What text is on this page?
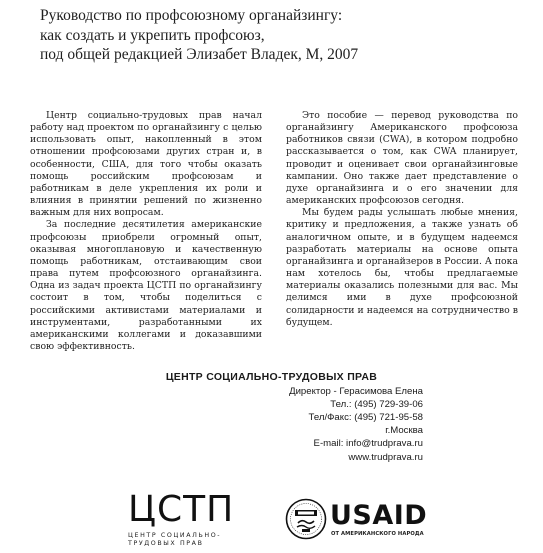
Руководство по профсоюзному органайзингу:
как создать и укрепить профсоюз,
под общей редакцией Элизабет Владек, М, 2007

Центр социально-трудовых прав начал работу над проектом по органайзингу с целью использовать опыт, накопленный в этом отношении профсоюзами других стран и, в особенности, США, для того чтобы оказать помощь российским профсоюзам и работникам в деле укрепления их роли и влияния в принятии решений по жизненно важным для них вопросам.

За последние десятилетия американские профсоюзы приобрели огромный опыт, оказывая многоплановую и качественную помощь работникам, отстаивающим свои права путем профсоюзного органайзинга. Одна из задач проекта ЦСТП по органайзингу состоит в том, чтобы поделиться с российскими активистами материалами и инструментами, разработанными их американскими коллегами и доказавшими свою эффективность.

Это пособие — перевод руководства по органайзингу Американского профсоюза работников связи (CWA), в котором подробно рассказывается о том, как CWA планирует, проводит и оценивает свои органайзинговые кампании. Оно также дает представление о духе органайзинга и о его значении для американских профсоюзов сегодня.

Мы будем рады услышать любые мнения, критику и предложения, а также узнать об аналогичном опыте, и в будущем надеемся разработать материалы на основе опыта органайзинга и органайзеров в России. А пока нам хотелось бы, чтобы предлагаемые материалы оказались полезными для вас. Мы делимся ими в духе профсоюзной солидарности и надеемся на сотрудничество в будущем.

ЦЕНТР СОЦИАЛЬНО-ТРУДОВЫХ ПРАВ
Директор - Герасимова Елена
Тел.: (495) 729-39-06
Тел/Факс: (495) 721-95-58
г.Москва
E-mail: info@trudprava.ru
www.trudprava.ru
ЦСТП
ЦЕНТР СОЦИАЛЬНО-
ТРУДОВЫХ ПРАВ
USAID
ОТ АМЕРИКАНСКОГО НАРОДА
